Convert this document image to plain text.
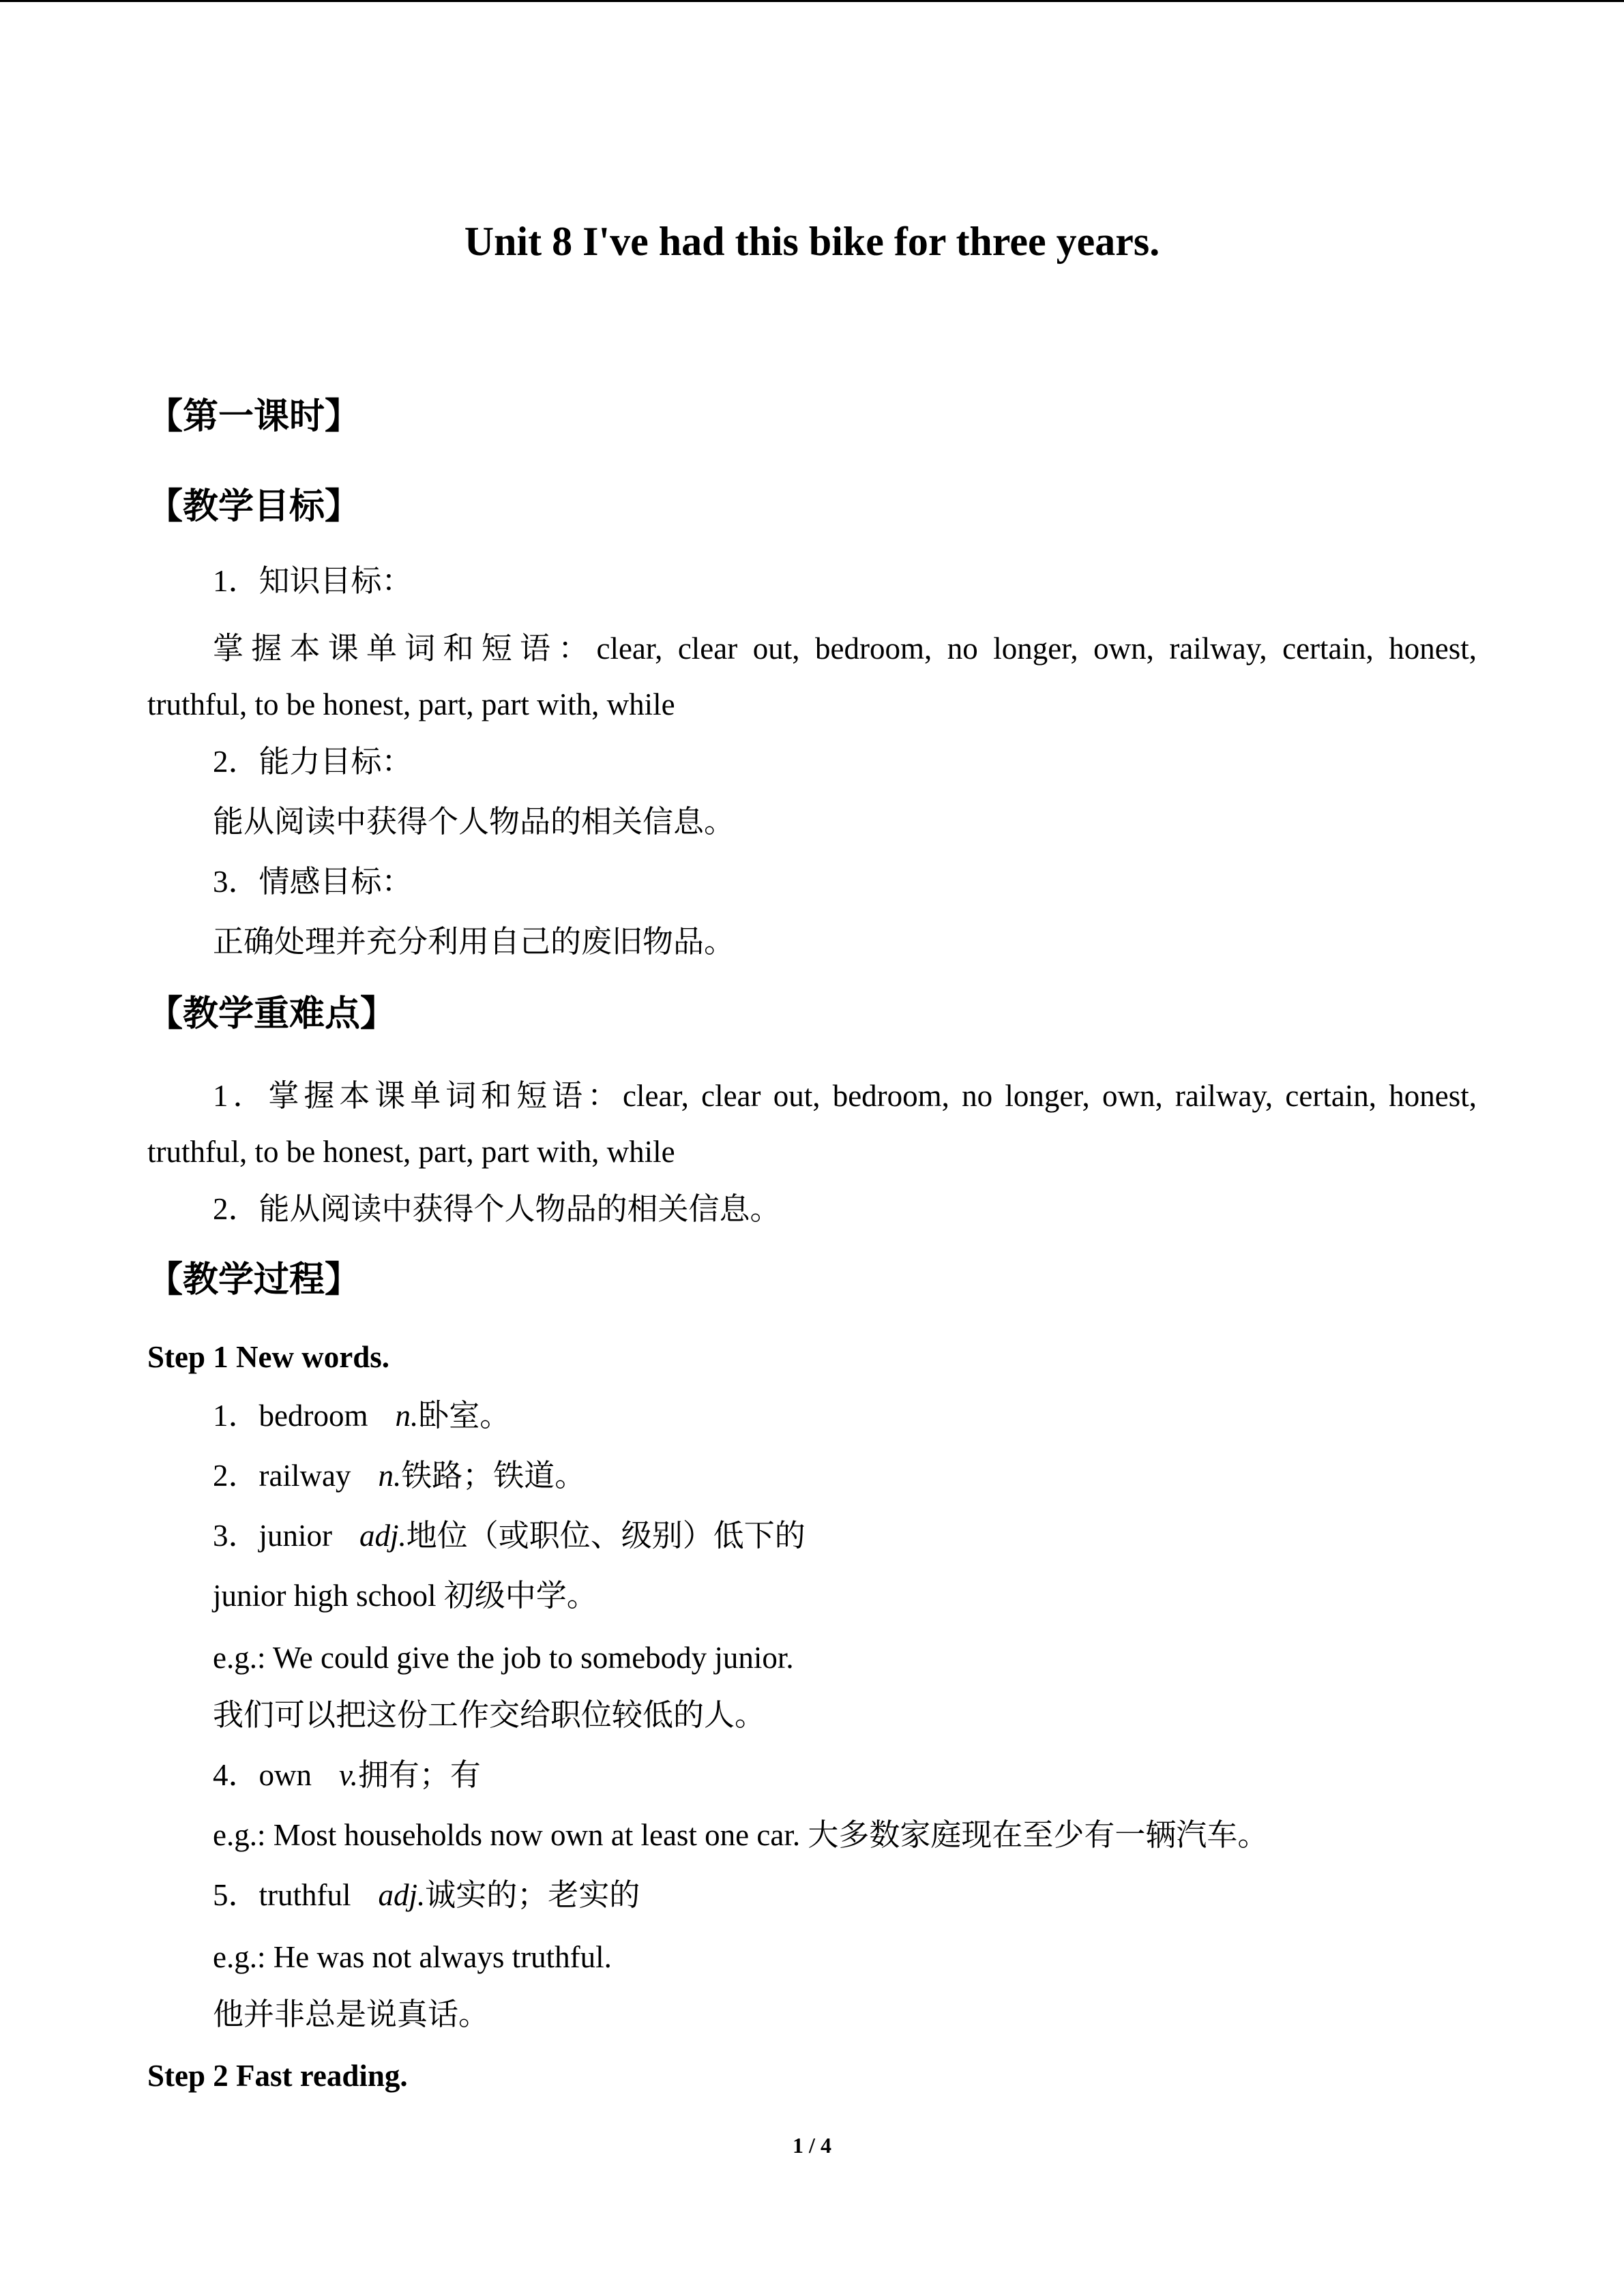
Unit 8 I've had this bike for three years.
【第一课时】
【教学目标】
1．知识目标：
掌握本课单词和短语：clear, clear out, bedroom, no longer, own, railway, certain, honest,
truthful, to be honest, part, part with, while
2．能力目标：
能从阅读中获得个人物品的相关信息。
3．情感目标：
正确处理并充分利用自己的废旧物品。
【教学重难点】
1．掌握本课单词和短语：clear, clear out, bedroom, no longer, own, railway, certain, honest,
truthful, to be honest, part, part with, while
2．能从阅读中获得个人物品的相关信息。
【教学过程】
Step 1 New words.
1．bedroom n.卧室。
2．railway n.铁路；铁道。
3．junior adj.地位（或职位、级别）低下的
junior high school 初级中学。
e.g.: We could give the job to somebody junior.
我们可以把这份工作交给职位较低的人。
4．own v.拥有；有
e.g.: Most households now own at least one car. 大多数家庭现在至少有一辆汽车。
5．truthful adj.诚实的；老实的
e.g.: He was not always truthful.
他并非总是说真话。
Step 2 Fast reading.
1 / 4
